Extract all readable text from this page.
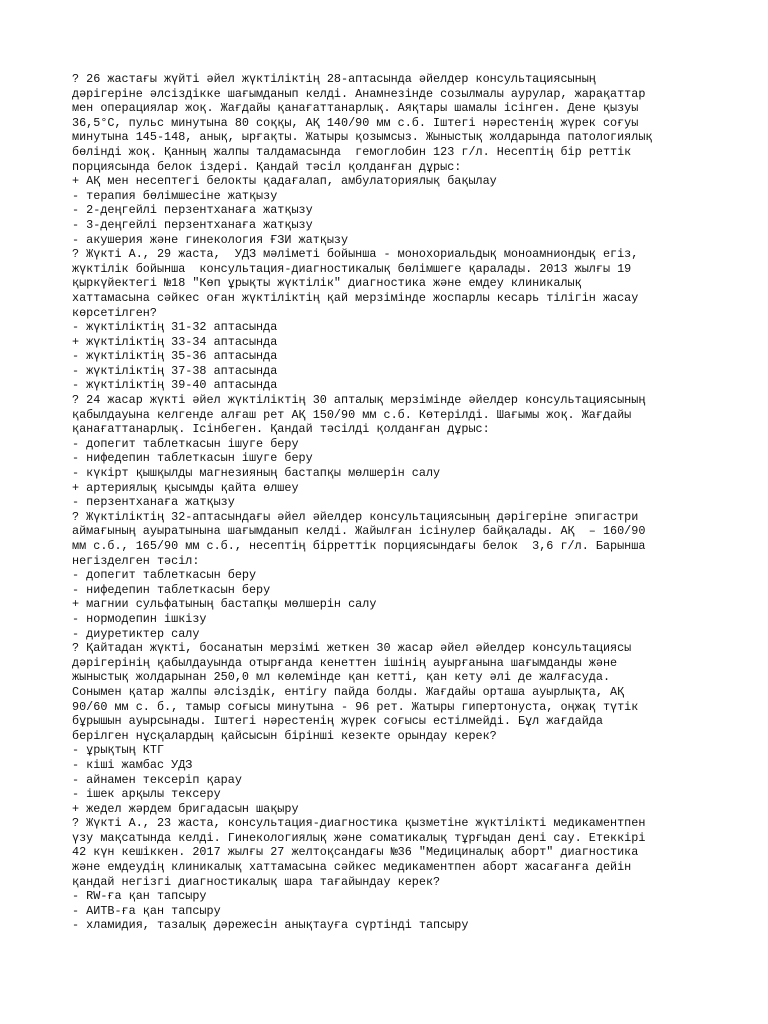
? 26 жастағы жүйті әйел жүктіліктің 28-аптасында әйелдер консультациясының
дәрігеріне әлсіздікке шағымданып келді. Анамнезінде созылмалы аурулар, жарақаттар
мен операциялар жоқ. Жағдайы қанағаттанарлық. Аяқтары шамалы ісінген. Дене қызуы
36,5°C, пульс минутына 80 соққы, АҚ 140/90 мм с.б. Іштегі нәрестенің жүрек соғуы
минутына 145-148, анық, ырғақты. Жатыры қозымсыз. Жыныстық жолдарында патологиялық
бөлінді жоқ. Қанның жалпы талдамасында  гемоглобин 123 г/л. Несептің бір реттік
порциясында белок іздері. Қандай тәсіл қолданған дұрыс:
+ АҚ мен несептегі белокты қадағалап, амбулаториялық бақылау
- терапия бөлімшесіне жатқызу
- 2-деңгейлі перзентханаға жатқызу
- 3-деңгейлі перзентханаға жатқызу
- акушерия және гинекология ҒЗИ жатқызу
? Жүкті А., 29 жаста,  УДЗ мәліметі бойынша - монохориальдық моноамниондық егіз,
жүктілік бойынша  консультация-диагностикалық бөлімшеге қаралады. 2013 жылғы 19
қыркүйектегі №18 "Көп ұрықты жүктілік" диагностика және емдеу клиникалық
хаттамасына сәйкес оған жүктіліктің қай мерзімінде жоспарлы кесарь тілігін жасау
көрсетілген?
- жүктіліктің 31-32 аптасында
+ жүктіліктің 33-34 аптасында
- жүктіліктің 35-36 аптасында
- жүктіліктің 37-38 аптасында
- жүктіліктің 39-40 аптасында
? 24 жасар жүкті әйел жүктіліктің 30 апталық мерзімінде әйелдер консультациясының
қабылдауына келгенде алғаш рет АҚ 150/90 мм с.б. Көтерілді. Шағымы жоқ. Жағдайы
қанағаттанарлық. Ісінбеген. Қандай тәсілді қолданған дұрыс:
- допегит таблеткасын ішуге беру
- нифедепин таблеткасын ішуге беру
- күкірт қышқылды магнезияның бастапқы мөлшерін салу
+ артериялық қысымды қайта өлшеу
- перзентханаға жатқызу
? Жүктіліктің 32-аптасындағы әйел әйелдер консультациясының дәрігеріне эпигастри
аймағының ауыратынына шағымданып келді. Жайылған ісінулер байқалады. АҚ  – 160/90
мм с.б., 165/90 мм с.б., несептің бірреттік порциясындағы белок  3,6 г/л. Барынша
негізделген тәсіл:
- допегит таблеткасын беру
- нифедепин таблеткасын беру
+ магнии сульфатының бастапқы мөлшерін салу
- нормодепин ішкізу
- диуретиктер салу
? Қайтадан жүкті, босанатын мерзімі жеткен 30 жасар әйел әйелдер консультациясы
дәрігерінің қабылдауында отырғанда кенеттен ішінің ауырғанына шағымданды және
жыныстық жолдарынан 250,0 мл көлемінде қан кетті, қан кету әлі де жалғасуда.
Сонымен қатар жалпы әлсіздік, ентігу пайда болды. Жағдайы орташа ауырлықта, АҚ
90/60 мм с. б., тамыр соғысы минутына - 96 рет. Жатыры гипертонуста, оңжақ түтік
бұрышын ауырсынады. Іштегі нәрестенің жүрек соғысы естілмейді. Бұл жағдайда
берілген нұсқалардың қайсысын бірінші кезекте орындау керек?
- ұрықтың КТГ
- кіші жамбас УДЗ
- айнамен тексеріп қарау
- ішек арқылы тексеру
+ жедел жәрдем бригадасын шақыру
? Жүкті А., 23 жаста, консультация-диагностика қызметіне жүктілікті медикаментпен
үзу мақсатында келді. Гинекологиялық және соматикалық тұрғыдан дені сау. Етеккірі
42 күн кешіккен. 2017 жылғы 27 желтоқсандағы №36 "Медициналық аборт" диагностика
және емдеудің клиникалық хаттамасына сәйкес медикаментпен аборт жасағанға дейін
қандай негізгі диагностикалық шара тағайындау керек?
- RW-ға қан тапсыру
- АИТВ-ға қан тапсыру
- хламидия, тазалық дәрежесін анықтауға сүртінді тапсыру
